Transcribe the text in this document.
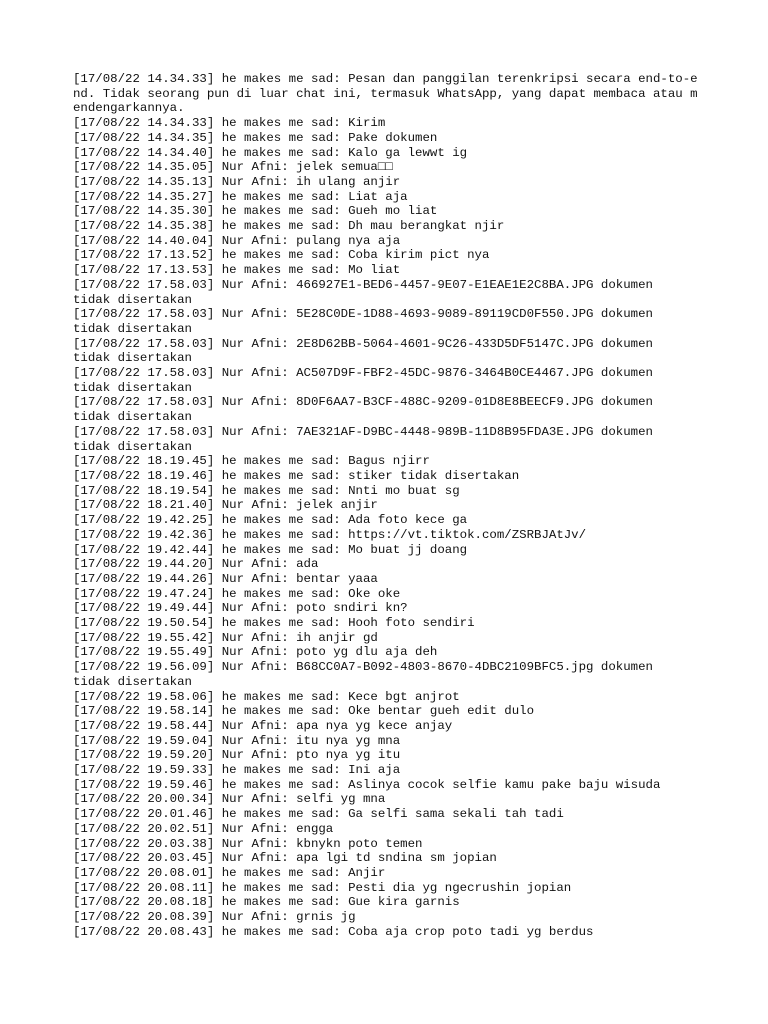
[17/08/22 14.34.33] he makes me sad: Pesan dan panggilan terenkripsi secara end-to-end. Tidak seorang pun di luar chat ini, termasuk WhatsApp, yang dapat membaca atau mendengarkannya.
[17/08/22 14.34.33] he makes me sad: Kirim
[17/08/22 14.34.35] he makes me sad: Pake dokumen
[17/08/22 14.34.40] he makes me sad: Kalo ga lewwt ig
[17/08/22 14.35.05] Nur Afni: jelek semua□□
[17/08/22 14.35.13] Nur Afni: ih ulang anjir
[17/08/22 14.35.27] he makes me sad: Liat aja
[17/08/22 14.35.30] he makes me sad: Gueh mo liat
[17/08/22 14.35.38] he makes me sad: Dh mau berangkat njir
[17/08/22 14.40.04] Nur Afni: pulang nya aja
[17/08/22 17.13.52] he makes me sad: Coba kirim pict nya
[17/08/22 17.13.53] he makes me sad: Mo liat
[17/08/22 17.58.03] Nur Afni: 466927E1-BED6-4457-9E07-E1EAE1E2C8BA.JPG dokumen
tidak disertakan
[17/08/22 17.58.03] Nur Afni: 5E28C0DE-1D88-4693-9089-89119CD0F550.JPG dokumen
tidak disertakan
[17/08/22 17.58.03] Nur Afni: 2E8D62BB-5064-4601-9C26-433D5DF5147C.JPG dokumen
tidak disertakan
[17/08/22 17.58.03] Nur Afni: AC507D9F-FBF2-45DC-9876-3464B0CE4467.JPG dokumen
tidak disertakan
[17/08/22 17.58.03] Nur Afni: 8D0F6AA7-B3CF-488C-9209-01D8E8BEECF9.JPG dokumen
tidak disertakan
[17/08/22 17.58.03] Nur Afni: 7AE321AF-D9BC-4448-989B-11D8B95FDA3E.JPG dokumen
tidak disertakan
[17/08/22 18.19.45] he makes me sad: Bagus njirr
[17/08/22 18.19.46] he makes me sad: stiker tidak disertakan
[17/08/22 18.19.54] he makes me sad: Nnti mo buat sg
[17/08/22 18.21.40] Nur Afni: jelek anjir
[17/08/22 19.42.25] he makes me sad: Ada foto kece ga
[17/08/22 19.42.36] he makes me sad: https://vt.tiktok.com/ZSRBJAtJv/
[17/08/22 19.42.44] he makes me sad: Mo buat jj doang
[17/08/22 19.44.20] Nur Afni: ada
[17/08/22 19.44.26] Nur Afni: bentar yaaa
[17/08/22 19.47.24] he makes me sad: Oke oke
[17/08/22 19.49.44] Nur Afni: poto sndiri kn?
[17/08/22 19.50.54] he makes me sad: Hooh foto sendiri
[17/08/22 19.55.42] Nur Afni: ih anjir gd
[17/08/22 19.55.49] Nur Afni: poto yg dlu aja deh
[17/08/22 19.56.09] Nur Afni: B68CC0A7-B092-4803-8670-4DBC2109BFC5.jpg dokumen
tidak disertakan
[17/08/22 19.58.06] he makes me sad: Kece bgt anjrot
[17/08/22 19.58.14] he makes me sad: Oke bentar gueh edit dulo
[17/08/22 19.58.44] Nur Afni: apa nya yg kece anjay
[17/08/22 19.59.04] Nur Afni: itu nya yg mna
[17/08/22 19.59.20] Nur Afni: pto nya yg itu
[17/08/22 19.59.33] he makes me sad: Ini aja
[17/08/22 19.59.46] he makes me sad: Aslinya cocok selfie kamu pake baju wisuda
[17/08/22 20.00.34] Nur Afni: selfi yg mna
[17/08/22 20.01.46] he makes me sad: Ga selfi sama sekali tah tadi
[17/08/22 20.02.51] Nur Afni: engga
[17/08/22 20.03.38] Nur Afni: kbnykn poto temen
[17/08/22 20.03.45] Nur Afni: apa lgi td sndina sm jopian
[17/08/22 20.08.01] he makes me sad: Anjir
[17/08/22 20.08.11] he makes me sad: Pesti dia yg ngecrushin jopian
[17/08/22 20.08.18] he makes me sad: Gue kira garnis
[17/08/22 20.08.39] Nur Afni: grnis jg
[17/08/22 20.08.43] he makes me sad: Coba aja crop poto tadi yg berdus
